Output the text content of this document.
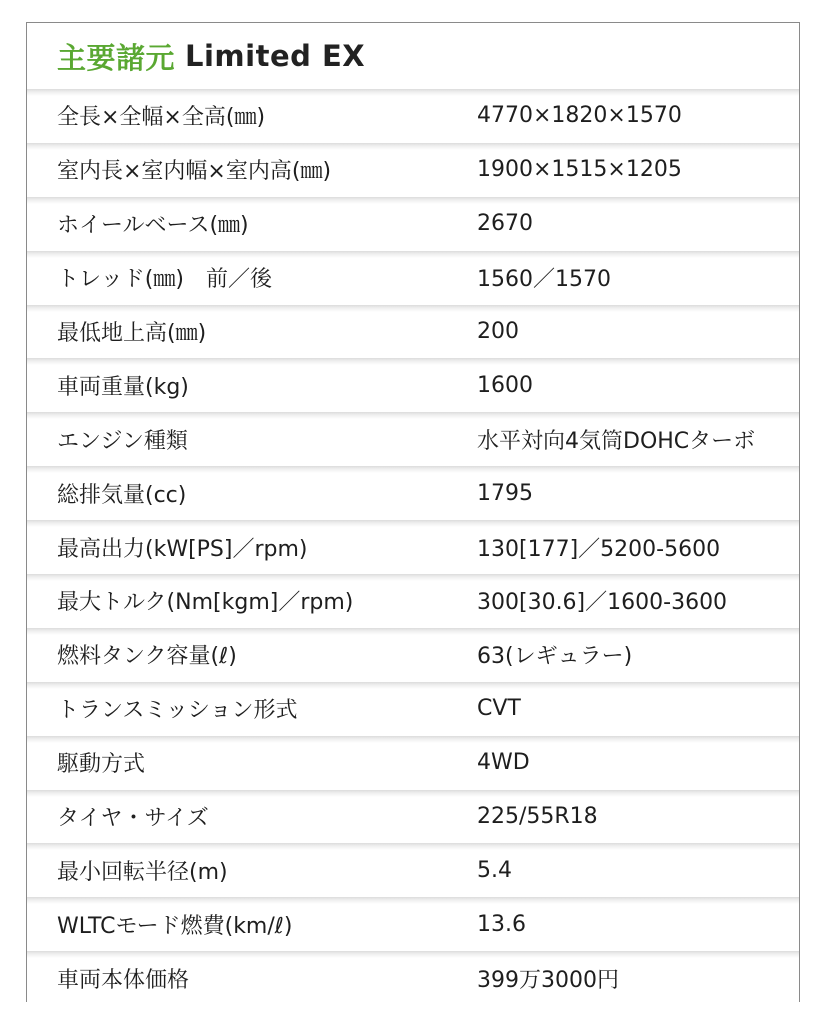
主要諸元 Limited EX
全長×全幅×全高(㎜)	4770×1820×1570
室内長×室内幅×室内高(㎜)	1900×1515×1205
ホイールベース(㎜)	2670
トレッド(㎜)　前／後	1560／1570
最低地上高(㎜)	200
車両重量(kg)	1600
エンジン種類	水平対向4気筒DOHCターボ
総排気量(cc)	1795
最高出力(kW[PS]／rpm)	130[177]／5200-5600
最大トルク(Nm[kgm]／rpm)	300[30.6]／1600-3600
燃料タンク容量(ℓ)	63(レギュラー)
トランスミッション形式	CVT
駆動方式	4WD
タイヤ・サイズ	225/55R18
最小回転半径(m)	5.4
WLTCモード燃費(km/ℓ)	13.6
車両本体価格	399万3000円
